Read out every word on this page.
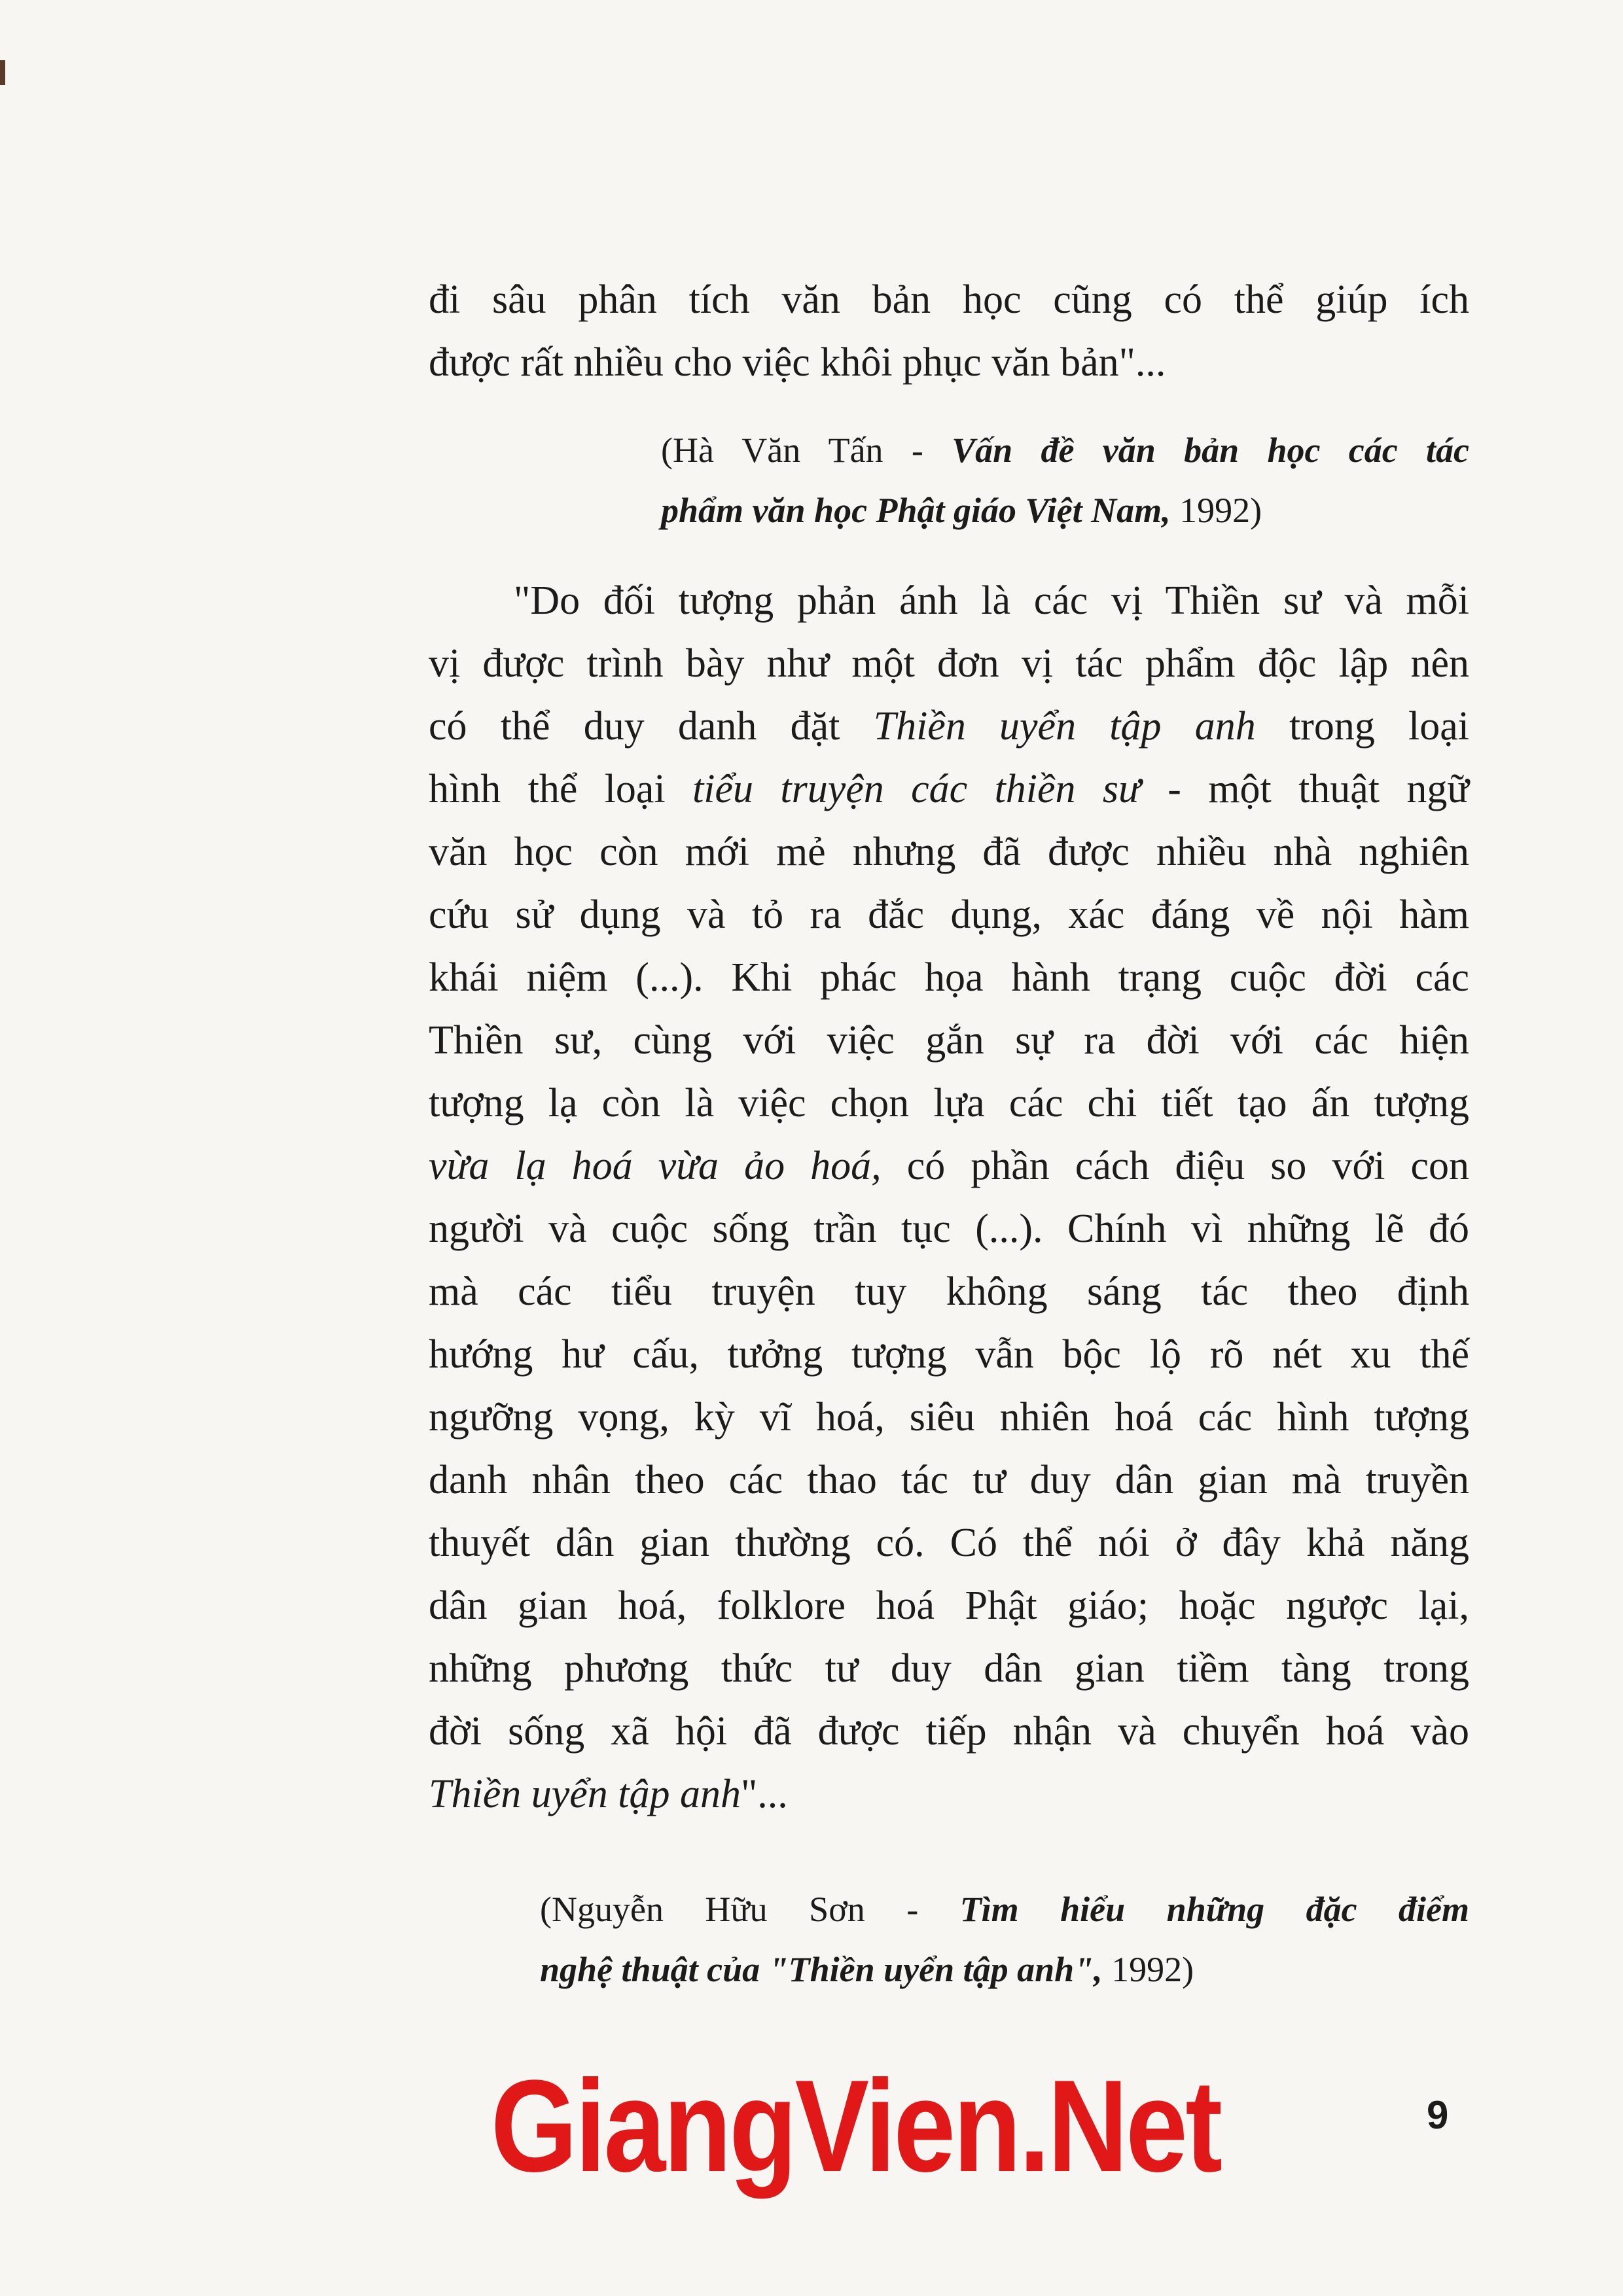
đi sâu phân tích văn bản học cũng có thể giúp ích
được rất nhiều cho việc khôi phục văn bản"...
(Hà Văn Tấn - Vấn đề văn bản học các tác
phẩm văn học Phật giáo Việt Nam, 1992)
"Do đối tượng phản ánh là các vị Thiền sư và mỗi
vị được trình bày như một đơn vị tác phẩm độc lập nên
có thể duy danh đặt Thiền uyển tập anh trong loại
hình thể loại tiểu truyện các thiền sư - một thuật ngữ
văn học còn mới mẻ nhưng đã được nhiều nhà nghiên
cứu sử dụng và tỏ ra đắc dụng, xác đáng về nội hàm
khái niệm (...). Khi phác họa hành trạng cuộc đời các
Thiền sư, cùng với việc gắn sự ra đời với các hiện
tượng lạ còn là việc chọn lựa các chi tiết tạo ấn tượng
vừa lạ hoá vừa ảo hoá, có phần cách điệu so với con
người và cuộc sống trần tục (...). Chính vì những lẽ đó
mà các tiểu truyện tuy không sáng tác theo định
hướng hư cấu, tưởng tượng vẫn bộc lộ rõ nét xu thế
ngưỡng vọng, kỳ vĩ hoá, siêu nhiên hoá các hình tượng
danh nhân theo các thao tác tư duy dân gian mà truyền
thuyết dân gian thường có. Có thể nói ở đây khả năng
dân gian hoá, folklore hoá Phật giáo; hoặc ngược lại,
những phương thức tư duy dân gian tiềm tàng trong
đời sống xã hội đã được tiếp nhận và chuyển hoá vào
Thiền uyển tập anh"...
(Nguyễn Hữu Sơn - Tìm hiểu những đặc điểm
nghệ thuật của "Thiền uyển tập anh", 1992)
GiangVien.Net	9
